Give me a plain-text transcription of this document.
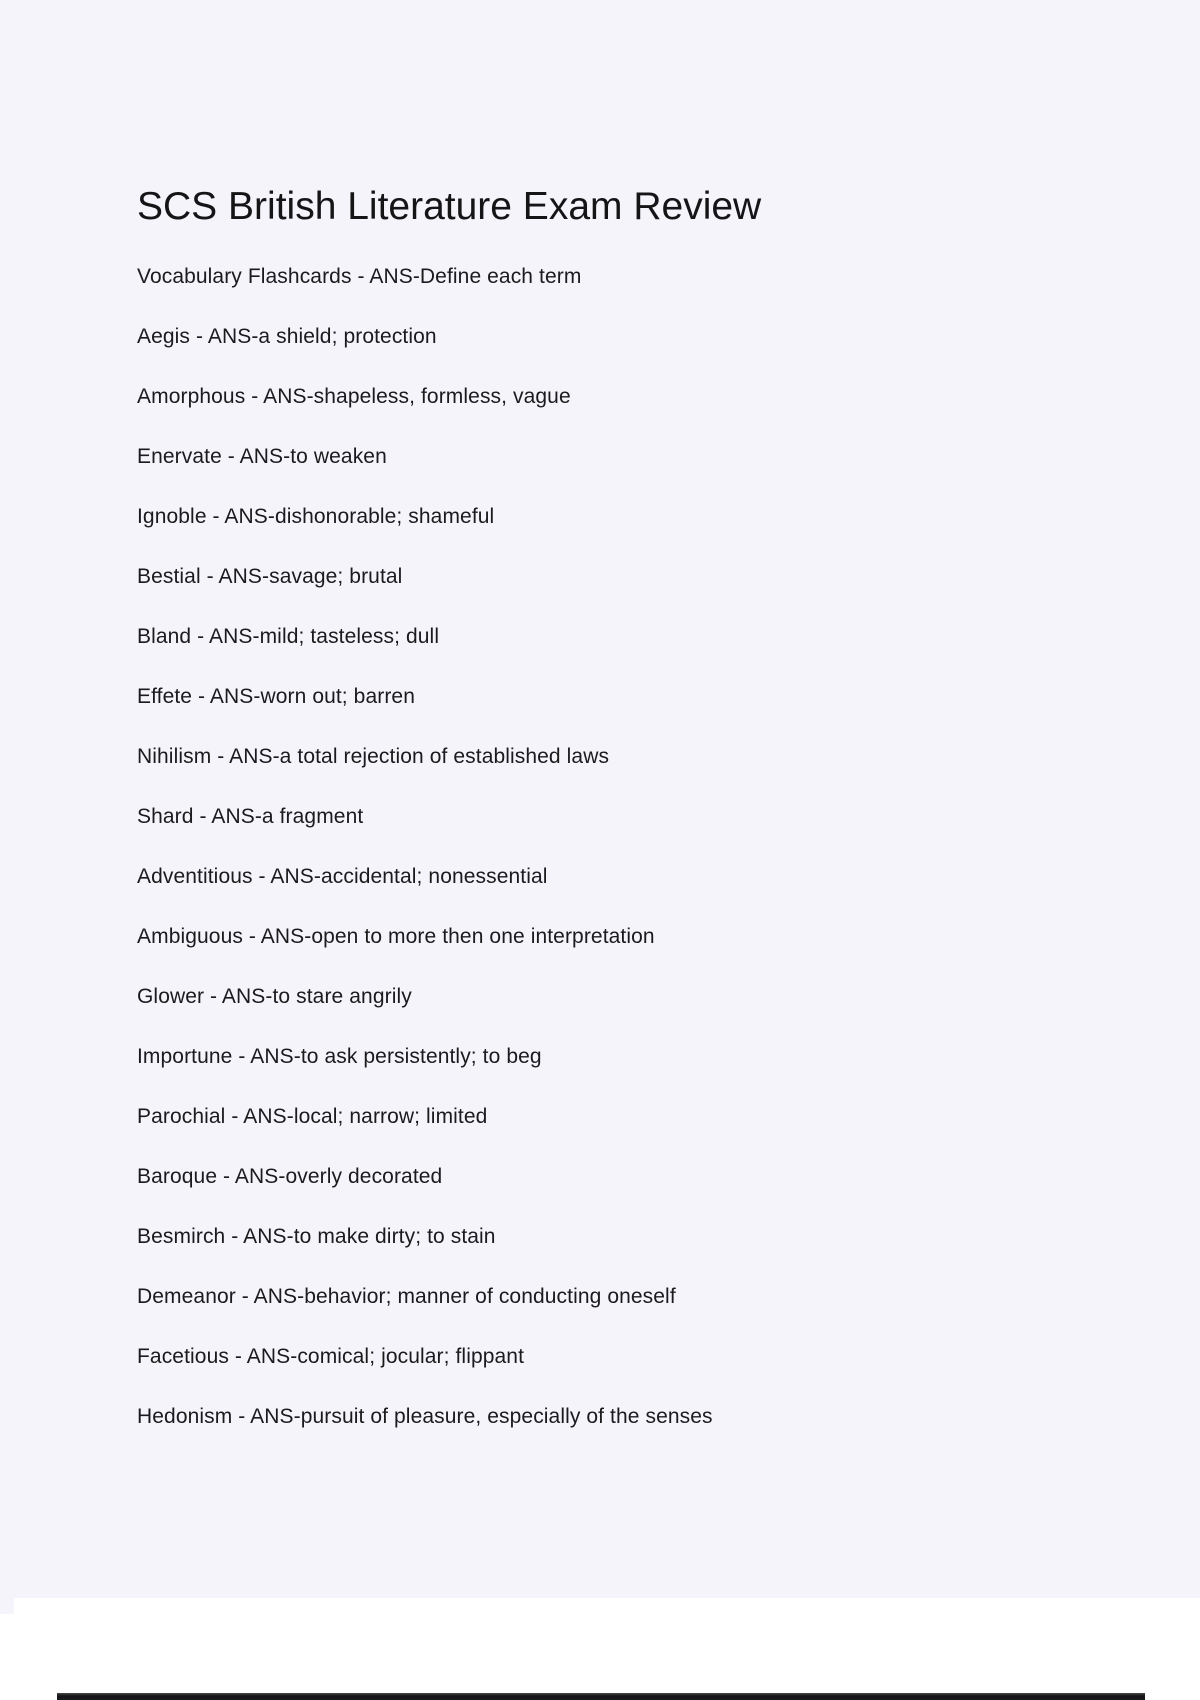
SCS British Literature Exam Review
Vocabulary Flashcards - ANS-Define each term
Aegis - ANS-a shield; protection
Amorphous - ANS-shapeless, formless, vague
Enervate - ANS-to weaken
Ignoble - ANS-dishonorable; shameful
Bestial - ANS-savage; brutal
Bland - ANS-mild; tasteless; dull
Effete - ANS-worn out; barren
Nihilism - ANS-a total rejection of established laws
Shard - ANS-a fragment
Adventitious - ANS-accidental; nonessential
Ambiguous - ANS-open to more then one interpretation
Glower - ANS-to stare angrily
Importune - ANS-to ask persistently; to beg
Parochial - ANS-local; narrow; limited
Baroque - ANS-overly decorated
Besmirch - ANS-to make dirty; to stain
Demeanor - ANS-behavior; manner of conducting oneself
Facetious - ANS-comical; jocular; flippant
Hedonism - ANS-pursuit of pleasure, especially of the senses
